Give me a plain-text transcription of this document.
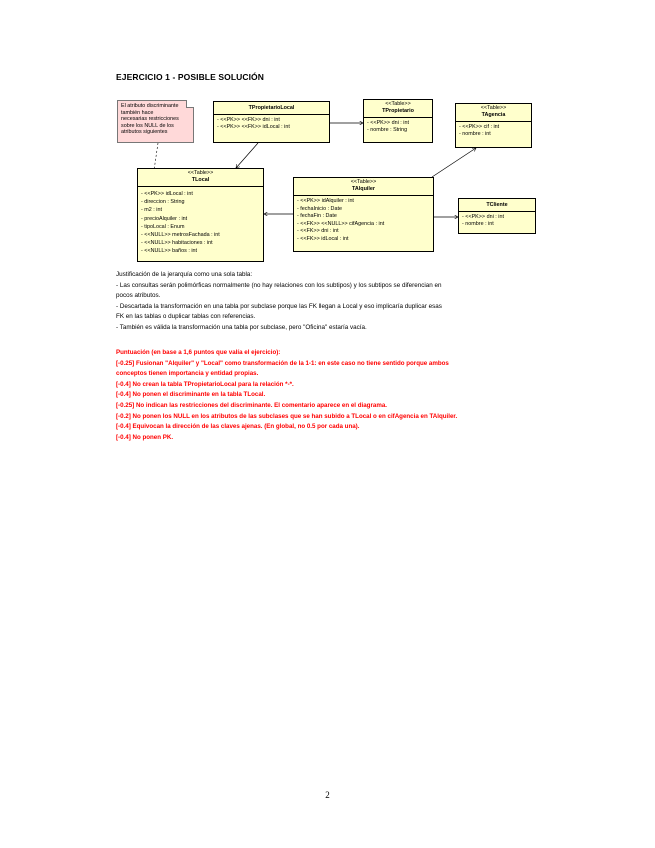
EJERCICIO 1 - POSIBLE SOLUCIÓN
El atributo discriminante
también hace
necesarias restricciones
sobre los NULL de los
atributos siguientes
TPropietarioLocal
- <<PK>> <<FK>> dni : int
- <<PK>> <<FK>> idLocal : int
<<Table>>
TPropietario
- <<PK>> dni : int
- nombre : String
<<Table>>
TAgencia
- <<PK>> cif : int
- nombre : int
<<Table>>
TLocal
- <<PK>> idLocal : int
- direccion : String
- m2 : int
- precioAlquiler : int
- tipoLocal : Enum
- <<NULL>> metrosFachada : int
- <<NULL>> habitaciones : int
- <<NULL>> baños : int
<<Table>>
TAlquiler
- <<PK>> idAlquiler : int
- fechaInicio : Date
- fechaFin : Date
- <<FK>> <<NULL>> cifAgencia : int
- <<FK>> dni : int
- <<FK>> idLocal : int
TCliente
- <<PK>> dni : int
- nombre : int
Justificación de la jerarquía como una sola tabla:
- Las consultas serán polimórficas normalmente (no hay relaciones con los subtipos) y los subtipos se diferencian en
pocos atributos.
- Descartada la transformación en una tabla por subclase porque las FK llegan a Local y eso implicaría duplicar esas
FK en las tablas o duplicar tablas con referencias.
- También es válida la transformación una tabla por subclase, pero "Oficina" estaría vacía.
Puntuación (en base a 1,6 puntos que valía el ejercicio):
[-0.25] Fusionan "Alquiler" y "Local" como transformación de la 1-1: en este caso no tiene sentido porque ambos
conceptos tienen importancia y entidad propias.
[-0.4] No crean la tabla TPropietarioLocal para la relación *-*.
[-0.4] No ponen el discriminante en la tabla TLocal.
[-0.25] No indican las restricciones del discriminante. El comentario aparece en el diagrama.
[-0.2] No ponen los NULL en los atributos de las subclases que se han subido a TLocal o en cifAgencia en TAlquiler.
[-0.4] Equivocan la dirección de las claves ajenas. (En global, no 0.5 por cada una).
[-0.4] No ponen PK.
2
